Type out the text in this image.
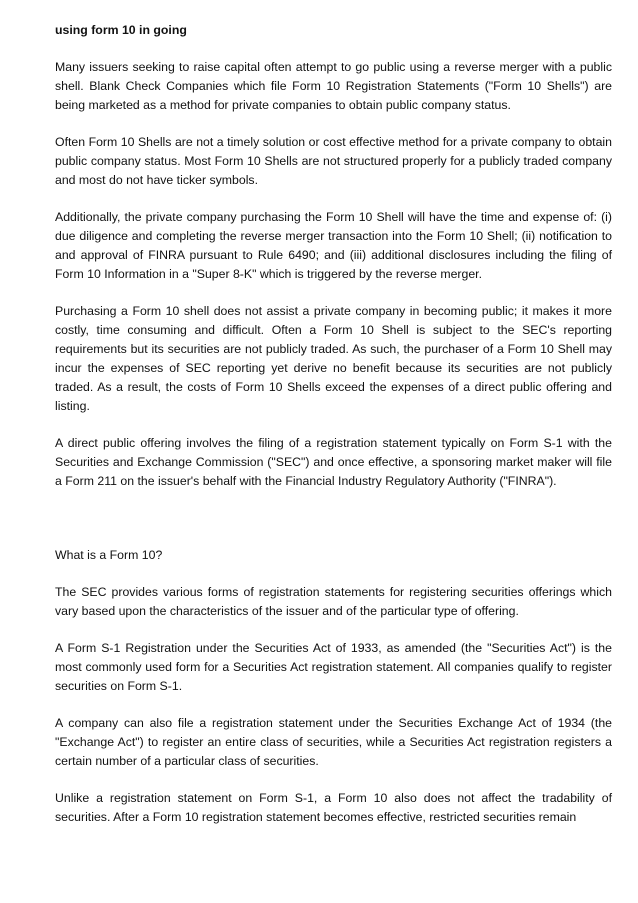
using form 10 in going

Many issuers seeking to raise capital often attempt to go public using a reverse merger with a public shell. Blank Check Companies which file Form 10 Registration Statements ("Form 10 Shells") are being marketed as a method for private companies to obtain public company status.

Often Form 10 Shells are not a timely solution or cost effective method for a private company to obtain public company status. Most Form 10 Shells are not structured properly for a publicly traded company and most do not have ticker symbols.

Additionally, the private company purchasing the Form 10 Shell will have the time and expense of: (i) due diligence and completing the reverse merger transaction into the Form 10 Shell; (ii) notification to and approval of FINRA pursuant to Rule 6490; and (iii) additional disclosures including the filing of Form 10 Information in a "Super 8-K" which is triggered by the reverse merger.

Purchasing a Form 10 shell does not assist a private company in becoming public; it makes it more costly, time consuming and difficult. Often a Form 10 Shell is subject to the SEC's reporting requirements but its securities are not publicly traded. As such, the purchaser of a Form 10 Shell may incur the expenses of SEC reporting yet derive no benefit because its securities are not publicly traded. As a result, the costs of Form 10 Shells exceed the expenses of a direct public offering and listing.

A direct public offering involves the filing of a registration statement typically on Form S-1 with the Securities and Exchange Commission ("SEC") and once effective, a sponsoring market maker will file a Form 211 on the issuer's behalf with the Financial Industry Regulatory Authority ("FINRA").

What is a Form 10?

The SEC provides various forms of registration statements for registering securities offerings which vary based upon the characteristics of the issuer and of the particular type of offering.

A Form S-1 Registration under the Securities Act of 1933, as amended (the "Securities Act") is the most commonly used form for a Securities Act registration statement. All companies qualify to register securities on Form S-1.

A company can also file a registration statement under the Securities Exchange Act of 1934 (the "Exchange Act") to register an entire class of securities, while a Securities Act registration registers a certain number of a particular class of securities.

Unlike a registration statement on Form S-1, a Form 10 also does not affect the tradability of securities. After a Form 10 registration statement becomes effective, restricted securities remain
